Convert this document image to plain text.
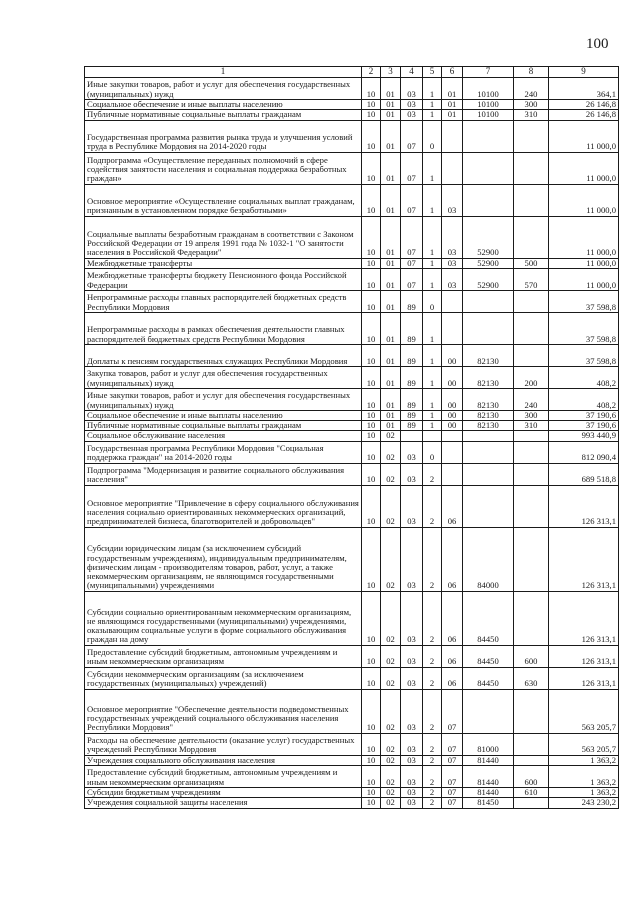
100
1	2	3	4	5	6	7	8	9
Иные закупки товаров, работ и услуг для обеспечения государственных (муниципальных) нужд	10	01	03	1	01	10100	240	364,1
Социальное обеспечение и иные выплаты населению	10	01	03	1	01	10100	300	26 146,8
Публичные нормативные социальные выплаты гражданам	10	01	03	1	01	10100	310	26 146,8
Государственная программа развития рынка труда и улучшения условий труда в Республике Мордовия на 2014-2020 годы	10	01	07	0				11 000,0
Подпрограмма «Осуществление переданных полномочий в сфере содействия занятости населения и социальная поддержка безработных граждан»	10	01	07	1				11 000,0
Основное мероприятие «Осуществление социальных выплат гражданам, признанным в установленном порядке безработными»	10	01	07	1	03			11 000,0
Социальные выплаты безработным гражданам в соответствии с Законом Российской Федерации от 19 апреля 1991 года № 1032-1 "О занятости населения в Российской Федерации"	10	01	07	1	03	52900		11 000,0
Межбюджетные трансферты	10	01	07	1	03	52900	500	11 000,0
Межбюджетные трансферты бюджету Пенсионного фонда Российской Федерации	10	01	07	1	03	52900	570	11 000,0
Непрограммные расходы главных распорядителей бюджетных средств Республики Мордовия	10	01	89	0				37 598,8
Непрограммные расходы в рамках обеспечения деятельности главных распорядителей бюджетных средств Республики Мордовия	10	01	89	1				37 598,8
Доплаты к пенсиям государственных служащих Республики Мордовия	10	01	89	1	00	82130		37 598,8
Закупка товаров, работ и услуг для обеспечения государственных (муниципальных) нужд	10	01	89	1	00	82130	200	408,2
Иные закупки товаров, работ и услуг для обеспечения государственных (муниципальных) нужд	10	01	89	1	00	82130	240	408,2
Социальное обеспечение и иные выплаты населению	10	01	89	1	00	82130	300	37 190,6
Публичные нормативные социальные выплаты гражданам	10	01	89	1	00	82130	310	37 190,6
Социальное обслуживание населения	10	02						993 440,9
Государственная программа Республики Мордовия "Социальная поддержка граждан" на 2014-2020 годы	10	02	03	0				812 090,4
Подпрограмма "Модернизация и развитие социального обслуживания населения"	10	02	03	2				689 518,8
Основное мероприятие "Привлечение в сферу социального обслуживания населения социально ориентированных некоммерческих организаций, предпринимателей бизнеса, благотворителей и добровольцев"	10	02	03	2	06			126 313,1
Субсидии юридическим лицам (за исключением субсидий государственным учреждениям), индивидуальным предпринимателям, физическим лицам - производителям товаров, работ, услуг, а также некоммерческим организациям, не являющимся государственными (муниципальными) учреждениями	10	02	03	2	06	84000		126 313,1
Субсидии социально ориентированным некоммерческим организациям, не являющимся государственными (муниципальными) учреждениями, оказывающим социальные услуги в форме социального обслуживания граждан на дому	10	02	03	2	06	84450		126 313,1
Предоставление субсидий бюджетным, автономным учреждениям и иным некоммерческим организациям	10	02	03	2	06	84450	600	126 313,1
Субсидии некоммерческим организациям (за исключением государственных (муниципальных) учреждений)	10	02	03	2	06	84450	630	126 313,1
Основное мероприятие "Обеспечение деятельности подведомственных государственных учреждений социального обслуживания населения Республики Мордовия"	10	02	03	2	07			563 205,7
Расходы на обеспечение деятельности (оказание услуг) государственных учреждений Республики Мордовия	10	02	03	2	07	81000		563 205,7
Учреждения социального обслуживания населения	10	02	03	2	07	81440		1 363,2
Предоставление субсидий бюджетным, автономным учреждениям и иным некоммерческим организациям	10	02	03	2	07	81440	600	1 363,2
Субсидии бюджетным учреждениям	10	02	03	2	07	81440	610	1 363,2
Учреждения социальной защиты населения	10	02	03	2	07	81450		243 230,2
